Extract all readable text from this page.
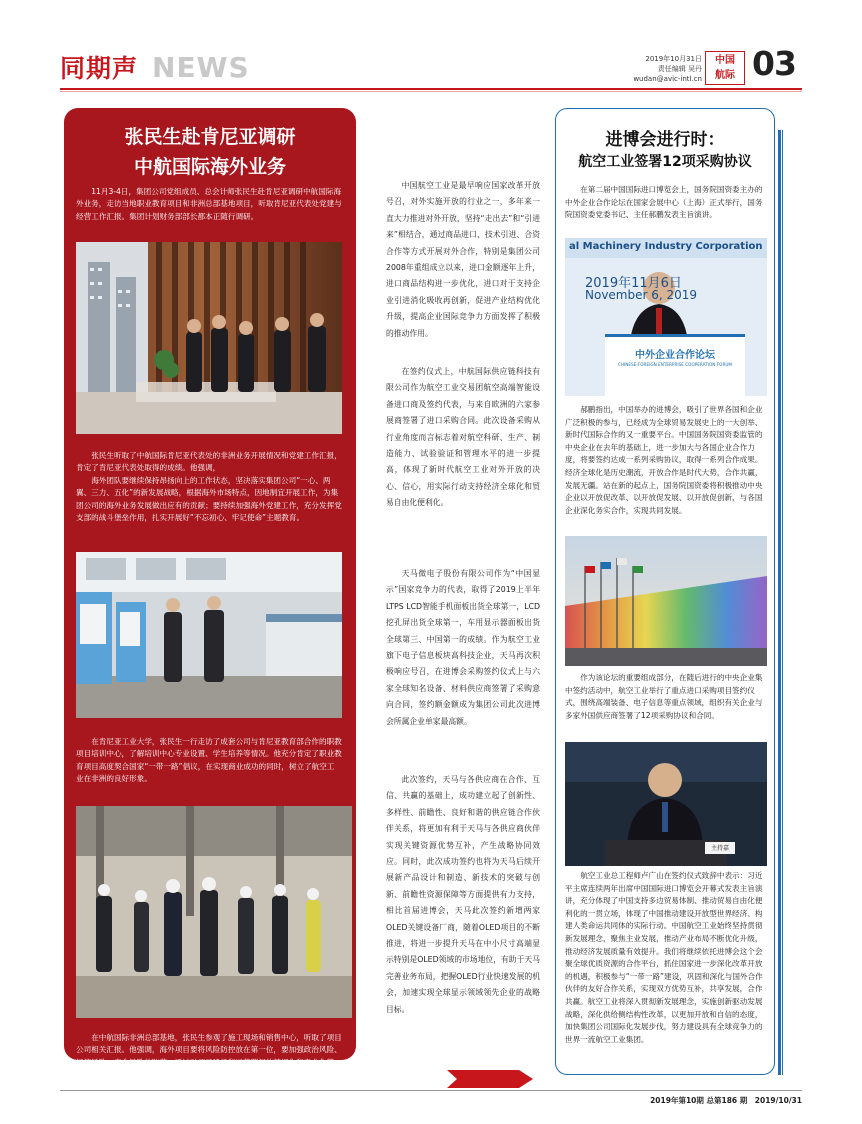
同期声 NEWS	2019年10月31日
责任编辑 吴丹
wudan@avic-intl.cn
中国
航际 03
张民生赴肯尼亚调研
中航国际海外业务

11月3-4日，集团公司党组成员、总会计师张民生赴肯尼亚调研中航国际海外业务，走访当地职业教育项目和非洲总部基地项目，听取肯尼亚代表处党建与经营工作汇报。集团计划财务部部长都本正随行调研。

张民生听取了中航国际肯尼亚代表处的非洲业务开展情况和党建工作汇报，肯定了肯尼亚代表处取得的成绩。他强调，

海外团队要继续保持昂扬向上的工作状态，坚决落实集团公司“一心、两翼、三力、五化”的新发展战略，根据海外市场特点，因地制宜开展工作，为集团公司的海外业务发展做出应有的贡献；要持续加强海外党建工作，充分发挥党支部的战斗堡垒作用，扎实开展好“不忘初心、牢记使命”主题教育。

在肯尼亚工业大学，张民生一行走访了成套公司与肯尼亚教育部合作的职教项目培训中心，了解培训中心专业设置、学生培养等情况。他充分肯定了职业教育项目高度契合国家“一带一路”倡议，在实现商业成功的同时，树立了航空工业在非洲的良好形象。

在中航国际非洲总部基地，张民生参观了施工现场和销售中心，听取了项目公司相关汇报。他强调，海外项目要将风险防控放在第一位，要加强政治风险、经济风险、安全风险的防范，通过对项目建设和运营期间的精细化和专业化管理，确保商业成功。

中国航空工业是最早响应国家改革开放号召，对外实施开放的行业之一，多年来一直大力推进对外开放，坚持“走出去”和“引进来”相结合，通过商品进口、技术引进、合资合作等方式开展对外合作，特别是集团公司2008年重组成立以来，进口金额逐年上升，进口商品结构进一步优化，进口对于支持企业引进消化吸收再创新，促进产业结构优化升级，提高企业国际竞争力方面发挥了积极的推动作用。

在签约仪式上，中航国际供应链科技有限公司作为航空工业交易团航空高端智能设备进口商及签约代表，与来自欧洲的六家参展商签署了进口采购合同。此次设备采购从行业角度而言标志着对航空科研、生产、制造能力、试验验证和管理水平的进一步提高，体现了新时代航空工业对外开放的决心、信心，用实际行动支持经济全球化和贸易自由化便利化。

天马微电子股份有限公司作为“中国显示”国家竞争力的代表，取得了2019上半年LTPS LCD智能手机面板出货全球第一，LCD挖孔屏出货全球第一，车用显示器面板出货全球第三、中国第一的成绩。作为航空工业旗下电子信息板块高科技企业，天马再次积极响应号召，在进博会采购签约仪式上与六家全球知名设备、材料供应商签署了采购意向合同，签约额金额成为集团公司此次进博会所属企业单家最高额。

此次签约，天马与各供应商在合作、互信、共赢的基础上，成功建立起了创新性、多样性、前瞻性、良好和谐的供应链合作伙伴关系，将更加有利于天马与各供应商伙伴实现关键资源优势互补，产生战略协同效应。同时，此次成功签约也将为天马后续开展新产品设计和制造、新技术的突破与创新、前瞻性资源保障等方面提供有力支持，相比首届进博会，天马此次签约新增两家OLED关键设备厂商，随着OLED项目的不断推进，将进一步提升天马在中小尺寸高端显示特别是OLED领域的市场地位，有助于天马完善业务布局，把握OLED行业快速发展的机会，加速实现全球显示领域领先企业的战略目标。

进博会进行时：
航空工业签署12项采购协议

在第二届中国国际进口博览会上，国务院国资委主办的中外企业合作论坛在国家会展中心（上海）正式举行，国务院国资委党委书记、主任郝鹏发表主旨演讲。

al Machinery Industry Corporation
2019年11月6日
November 6, 2019
中外企业合作论坛
CHINESE-FOREIGN ENTERPRISE COOPERATION FORUM

郝鹏指出，中国举办的进博会，吸引了世界各国和企业广泛积极的参与，已经成为全球贸易发展史上的一大创举、新时代国际合作的又一重要平台。中国国务院国资委监管的中央企业在去年的基础上，进一步加大与各国企业合作力度，将要签约达成一系列采购协议，取得一系列合作成果。经济全球化是历史潮流，开放合作是时代大势，合作共赢，发展无疆。站在新的起点上，国务院国资委将积极推动中央企业以开放促改革、以开放促发展、以开放促创新，与各国企业深化务实合作，实现共同发展。

作为该论坛的重要组成部分，在随后进行的中央企业集中签约活动中，航空工业举行了重点进口采购项目签约仪式，围绕高端装备、电子信息等重点领域，组织有关企业与多家外国供应商签署了12项采购协议和合同。

主持嘉

航空工业总工程师卢广山在签约仪式致辞中表示：习近平主席连续两年出席中国国际进口博览会开幕式发表主旨演讲，充分体现了中国支持多边贸易体制、推动贸易自由化便利化的一贯立场，体现了中国推动建设开放型世界经济、构建人类命运共同体的实际行动。中国航空工业始终坚持贯彻新发展理念，聚焦主业发展，推动产业布局不断优化升级，推动经济发展质量有效提升。我们将继续依托进博会这个会聚全球优质资源的合作平台，抓住国家进一步深化改革开放的机遇，积极参与“一带一路”建设，巩固和深化与国外合作伙伴的友好合作关系，实现双方优势互补，共享发展，合作共赢。航空工业将深入贯彻新发展理念，实施创新驱动发展战略，深化供给侧结构性改革，以更加开放和自信的态度，加快集团公司国际化发展步伐，努力建设具有全球竞争力的世界一流航空工业集团。

2019年第10期 总第186 期　2019/10/31
